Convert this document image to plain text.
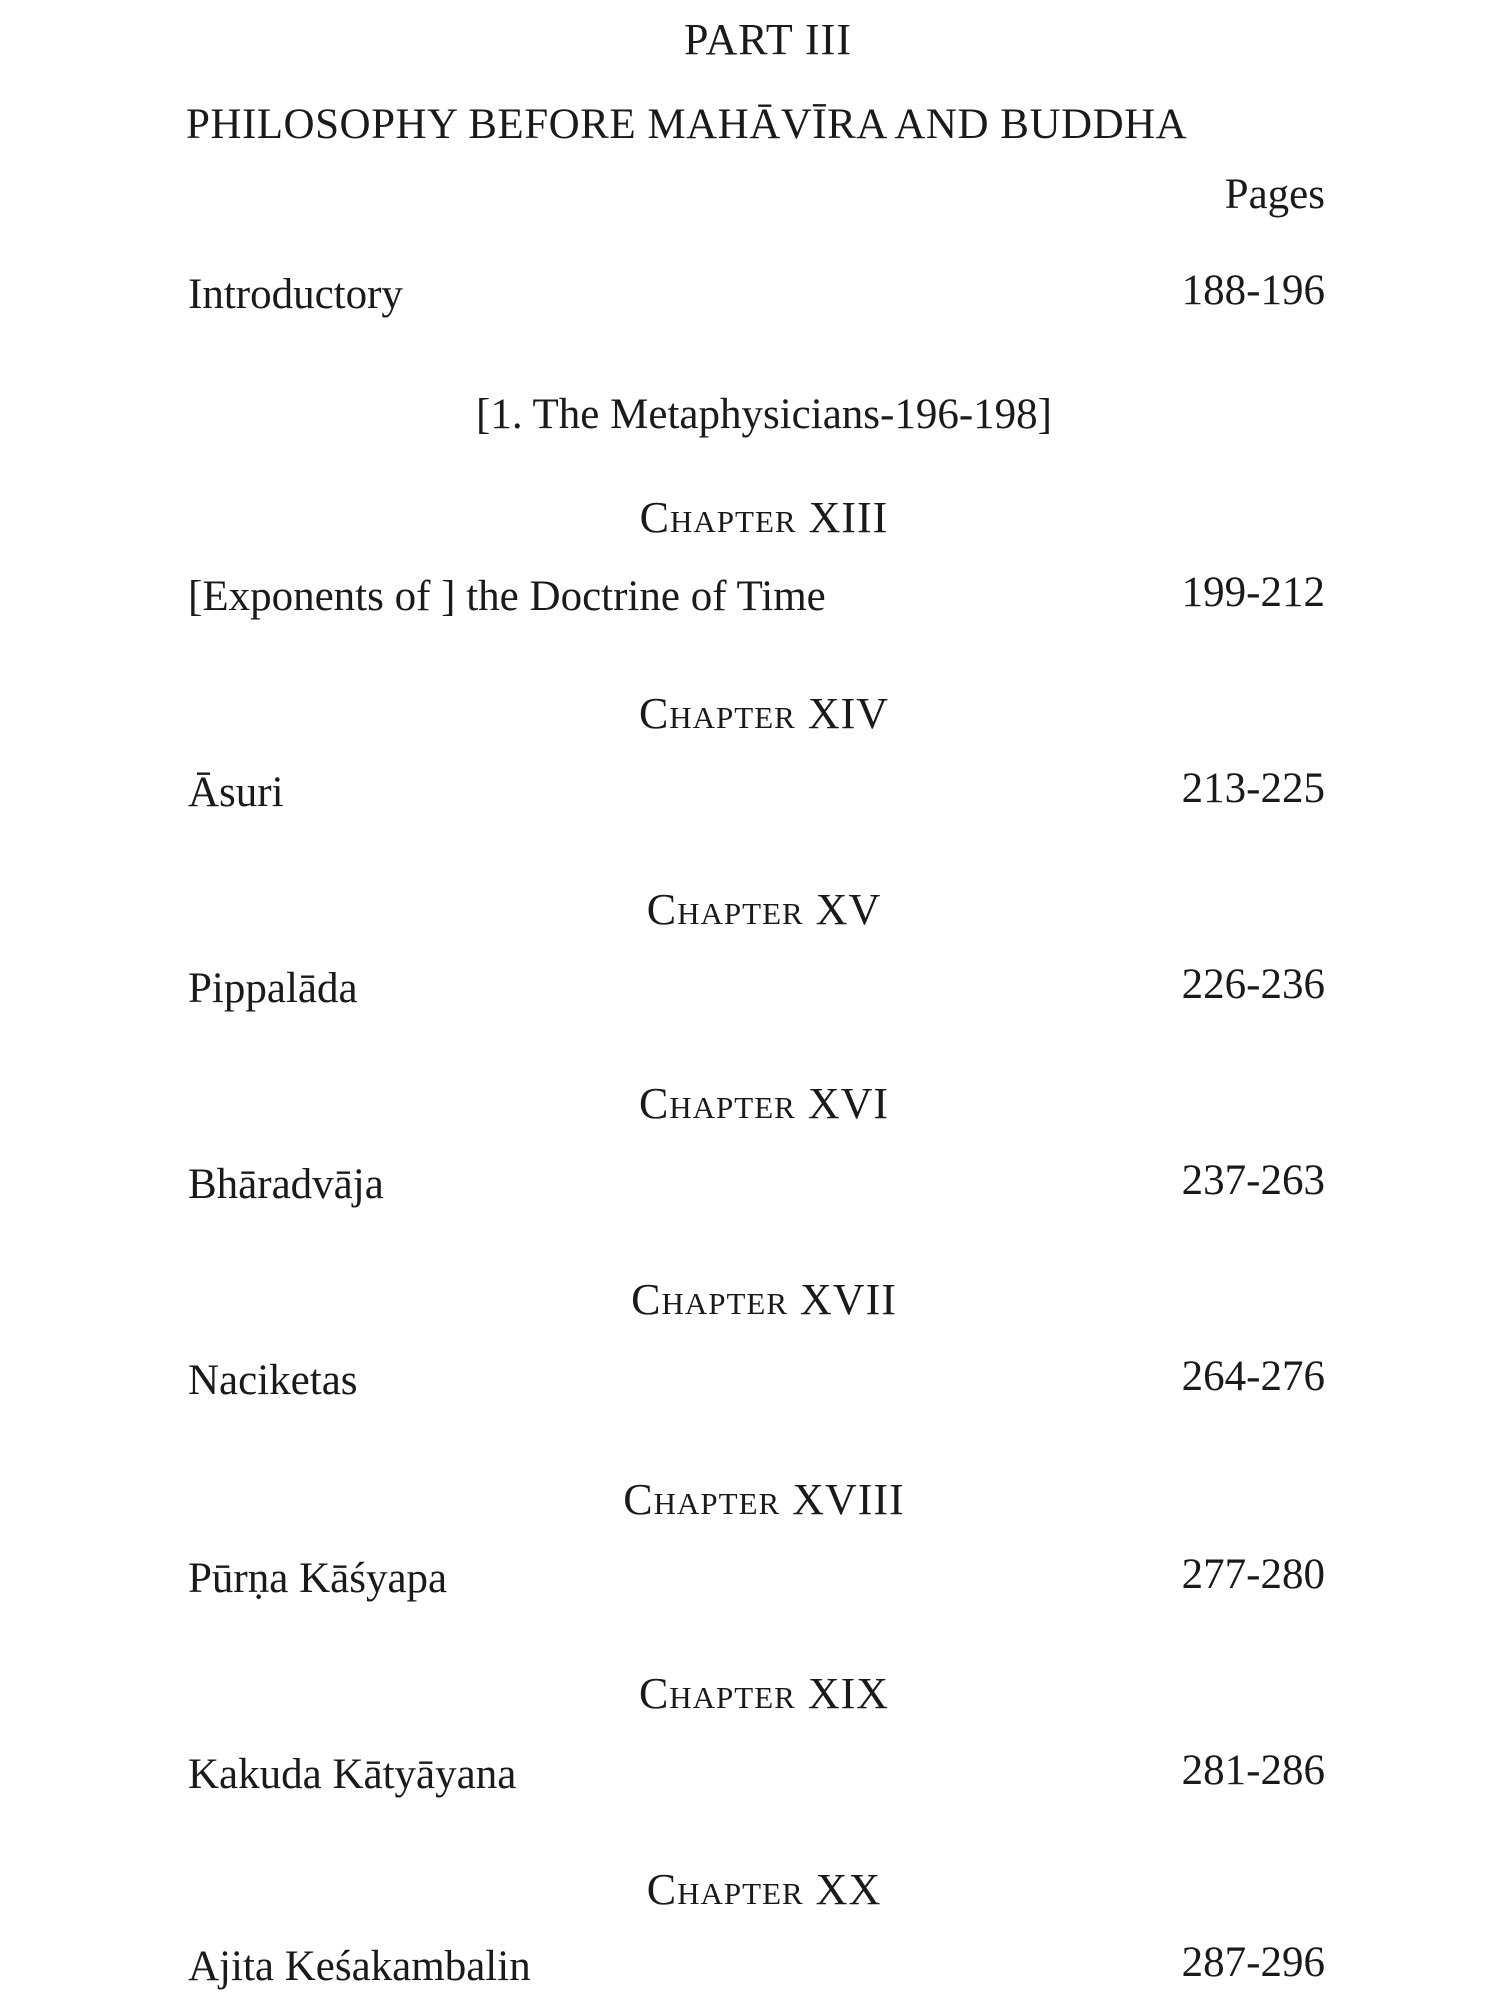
PART III
PHILOSOPHY BEFORE MAHĀVĪRA AND BUDDHA
Pages
Introductory	188-196
[1. The Metaphysicians-196-198]
Chapter XIII
[Exponents of ] the Doctrine of Time	199-212
Chapter XIV
Āsuri	213-225
Chapter XV
Pippalāda	226-236
Chapter XVI
Bhāradvāja	237-263
Chapter XVII
Naciketas	264-276
Chapter XVIII
Pūrṇa Kāśyapa	277-280
Chapter XIX
Kakuda Kātyāyana	281-286
Chapter XX
Ajita Keśakambalin	287-296
